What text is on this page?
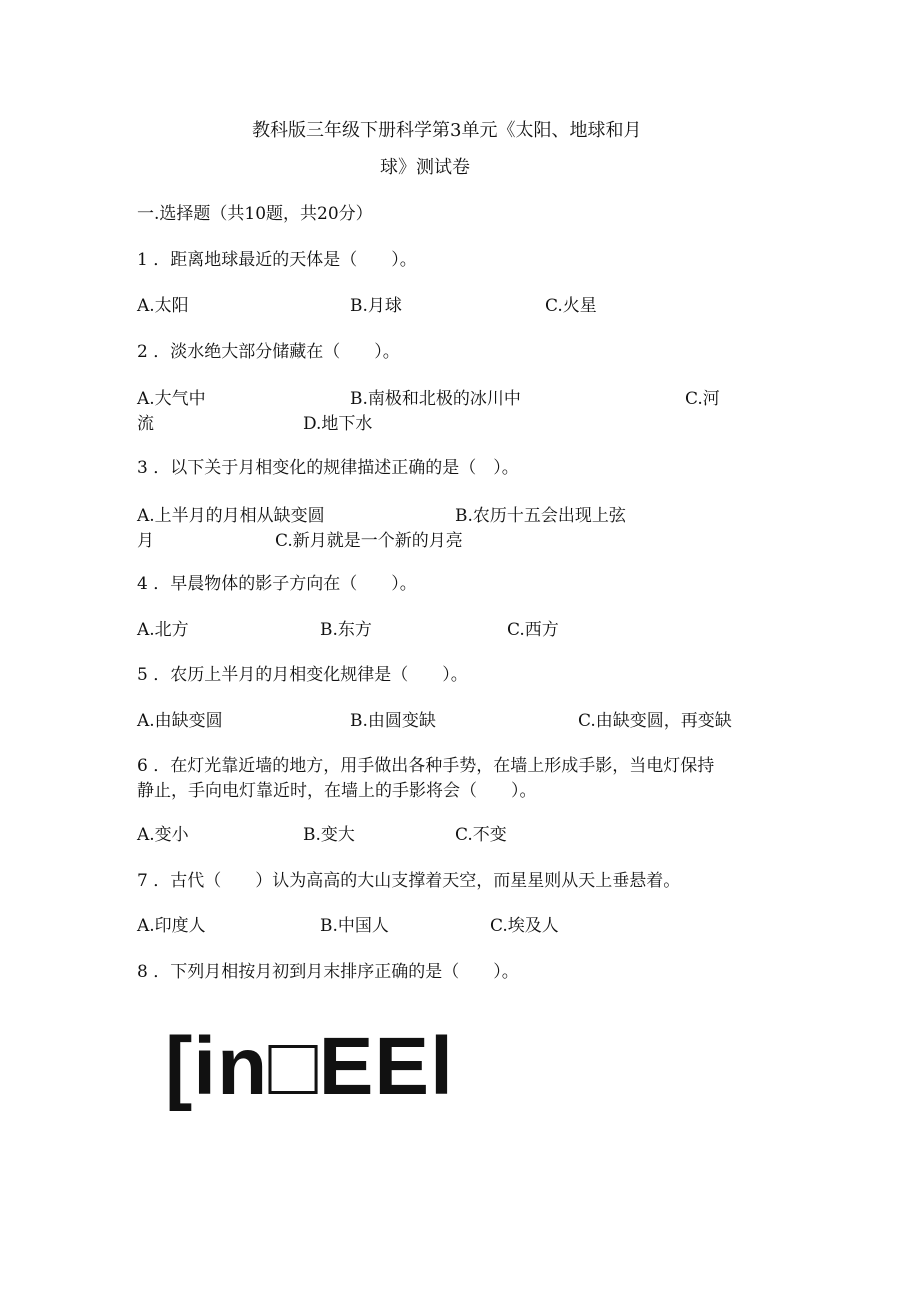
教科版三年级下册科学第3单元《太阳、地球和月
球》测试卷
一.选择题（共10题，共20分）
1 ．距离地球最近的天体是（　　）。
A.太阳	B.月球	C.火星
2 ．淡水绝大部分储藏在（　　）。
A.大气中	B.南极和北极的冰川中	C.河
流	D.地下水
3 ．以下关于月相变化的规律描述正确的是（　）。
A.上半月的月相从缺变圆	B.农历十五会出现上弦
月	C.新月就是一个新的月亮
4 ．早晨物体的影子方向在（　　）。
A.北方	B.东方	C.西方
5 ．农历上半月的月相变化规律是（　　）。
A.由缺变圆	B.由圆变缺	C.由缺变圆，再变缺
6 ．在灯光靠近墙的地方，用手做出各种手势，在墙上形成手影，当电灯保持
静止，手向电灯靠近时，在墙上的手影将会（　　）。
A.变小	B.变大	C.不变
7 ．古代（　　）认为高高的大山支撑着天空，而星星则从天上垂悬着。
A.印度人	B.中国人	C.埃及人
8 ．下列月相按月初到月末排序正确的是（　　）。
[in□EEl
